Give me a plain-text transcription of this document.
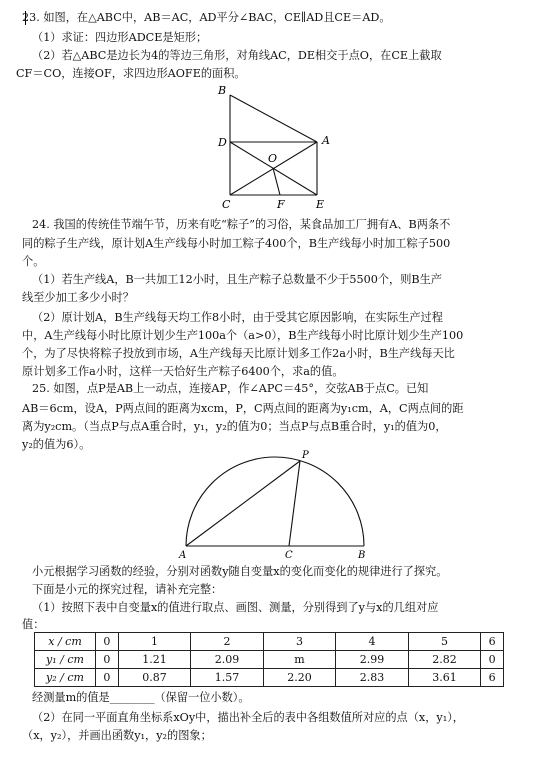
23. 如图，在△ABC中，AB＝AC，AD平分∠BAC，CE∥AD且CE＝AD。
（1）求证：四边形ADCE是矩形；
（2）若△ABC是边长为4的等边三角形，对角线AC，DE相交于点O，在CE上截取
CF＝CO，连接OF，求四边形AOFE的面积。
B
D	A
O
C	F	E
24. 我国的传统佳节端午节，历来有吃“粽子”的习俗，某食品加工厂拥有A、B两条不
同的粽子生产线，原计划A生产线每小时加工粽子400个，B生产线每小时加工粽子500
个。
（1）若生产线A，B一共加工12小时，且生产粽子总数量不少于5500个，则B生产
线至少加工多少小时？
（2）原计划A，B生产线每天均工作8小时，由于受其它原因影响，在实际生产过程
中，A生产线每小时比原计划少生产100a个（a>0），B生产线每小时比原计划少生产100
个，为了尽快将粽子投放到市场，A生产线每天比原计划多工作2a小时，B生产线每天比
原计划多工作a小时，这样一天恰好生产粽子6400个，求a的值。
25. 如图，点P是AB上一动点，连接AP，作∠APC＝45°，交弦AB于点C。已知
AB＝6cm，设A，P两点间的距离为xcm，P，C两点间的距离为y₁cm，A，C两点间的距
离为y₂cm。（当点P与点A重合时，y₁，y₂的值为0；当点P与点B重合时，y₁的值为0，
y₂的值为6）。
A	C	B
P
小元根据学习函数的经验，分别对函数y随自变量x的变化而变化的规律进行了探究。
下面是小元的探究过程，请补充完整：
（1）按照下表中自变量x的值进行取点、画图、测量，分别得到了y与x的几组对应
值：
x / cm	0	1	2	3	4	5	6
y₁ / cm	0	1.21	2.09	m	2.99	2.82	0
y₂ / cm	0	0.87	1.57	2.20	2.83	3.61	6
经测量m的值是________（保留一位小数）。
（2）在同一平面直角坐标系xOy中，描出补全后的表中各组数值所对应的点（x，y₁），
（x，y₂），并画出函数y₁，y₂的图象；
